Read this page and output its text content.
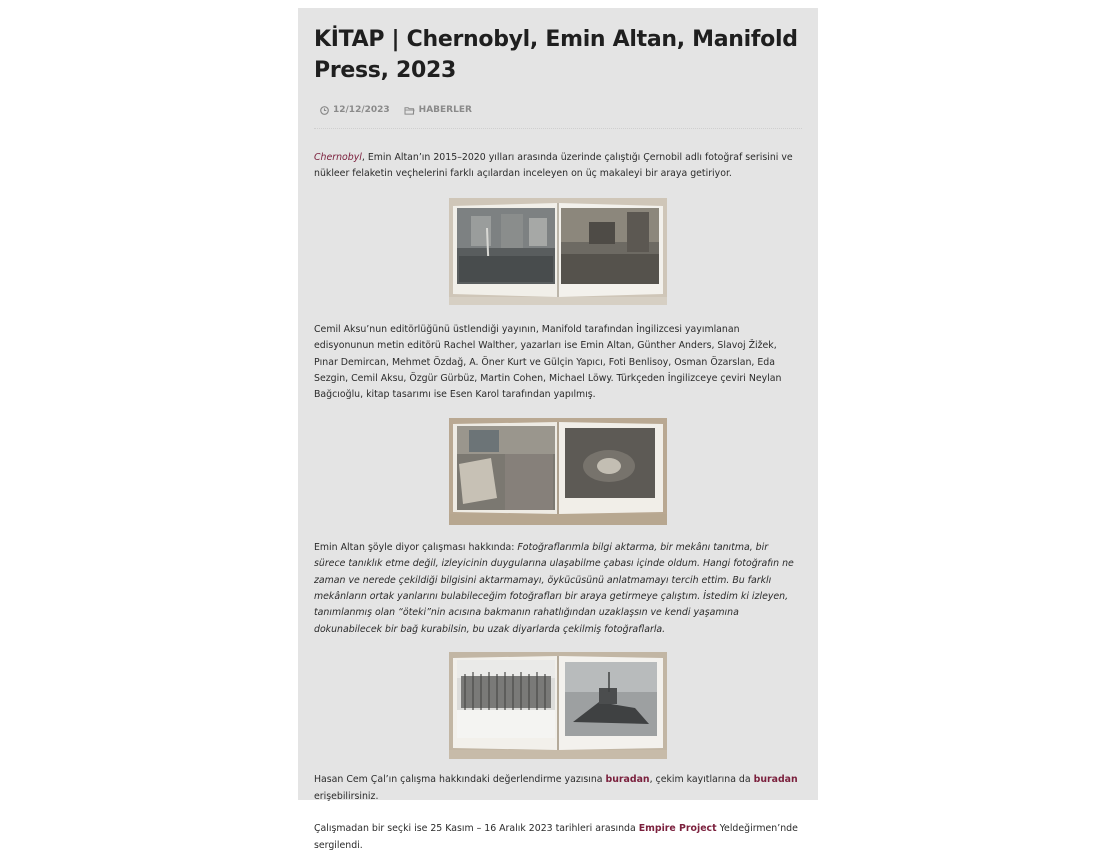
KİTAP | Chernobyl, Emin Altan, Manifold Press, 2023
12/12/2023	HABERLER

Chernobyl, Emin Altan’ın 2015–2020 yılları arasında üzerinde çalıştığı Çernobil adlı fotoğraf serisini ve nükleer felaketin veçhelerini farklı açılardan inceleyen on üç makaleyi bir araya getiriyor.

Cemil Aksu’nun editörlüğünü üstlendiği yayının, Manifold tarafından İngilizcesi yayımlanan edisyonunun metin editörü Rachel Walther, yazarları ise Emin Altan, Günther Anders, Slavoj Žižek, Pınar Demircan, Mehmet Özdağ, A. Öner Kurt ve Gülçin Yapıcı, Foti Benlisoy, Osman Özarslan, Eda Sezgin, Cemil Aksu, Özgür Gürbüz, Martin Cohen, Michael Löwy. Türkçeden İngilizceye çeviri Neylan Bağcıoğlu, kitap tasarımı ise Esen Karol tarafından yapılmış.

Emin Altan şöyle diyor çalışması hakkında: Fotoğraflarımla bilgi aktarma, bir mekânı tanıtma, bir sürece tanıklık etme değil, izleyicinin duygularına ulaşabilme çabası içinde oldum. Hangi fotoğrafın ne zaman ve nerede çekildiği bilgisini aktarmamayı, öykücüsünü anlatmamayı tercih ettim. Bu farklı mekânların ortak yanlarını bulabileceğim fotoğrafları bir araya getirmeye çalıştım. İstedim ki izleyen, tanımlanmış olan “öteki”nin acısına bakmanın rahatlığından uzaklaşsın ve kendi yaşamına dokunabilecek bir bağ kurabilsin, bu uzak diyarlarda çekilmiş fotoğraflarla.

Hasan Cem Çal’ın çalışma hakkındaki değerlendirme yazısına buradan, çekim kayıtlarına da buradan erişebilirsiniz.

Çalışmadan bir seçki ise 25 Kasım – 16 Aralık 2023 tarihleri arasında Empire Project Yeldeğirmen’nde sergilendi.
